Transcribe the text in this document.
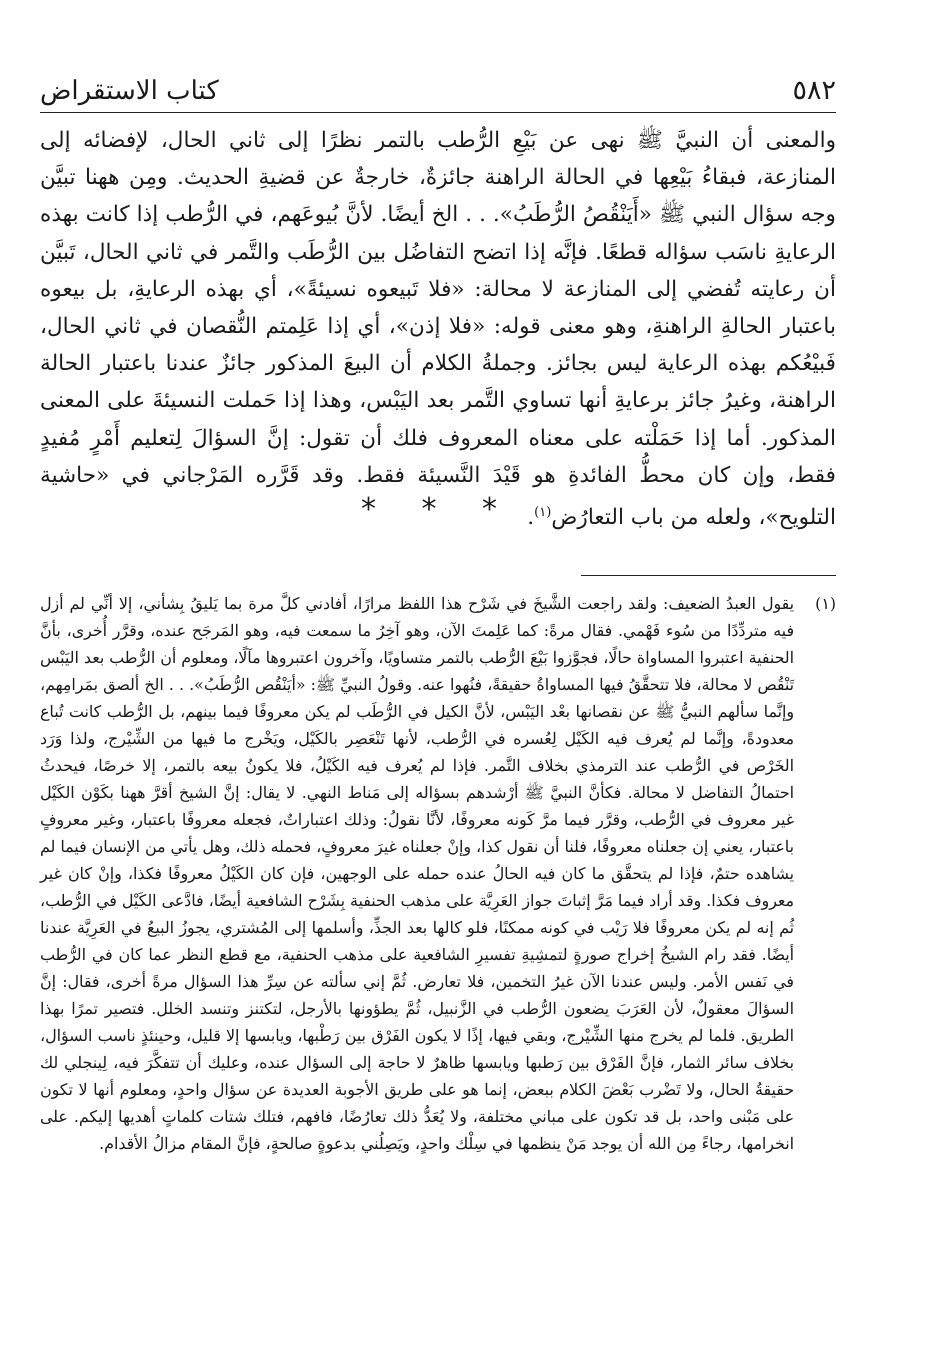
٥٨٢
كتاب الاستقراض

والمعنى أن النبيَّ ﷺ نهى عن بَيْعِ الرُّطب بالتمر نظرًا إلى ثاني الحال، لإفضائه إلى المنازعة، فبقاءُ بَيْعِها في الحالة الراهنة جائزةٌ، خارجةٌ عن قضيةِ الحديث. ومِن ههنا تبيَّن وجه سؤال النبي ﷺ «أَيَنْقُصُ الرُّطَبُ». . . الخ أيضًا. لأنَّ بُيوعَهم، في الرُّطب إذا كانت بهذه الرعايةِ ناسَب سؤاله قطعًا. فإنَّه إذا اتضح التفاضُل بين الرُّطَب والتَّمر في ثاني الحال، تَبيَّن أن رعايته تُفضي إلى المنازعة لا محالة: «فلا تَبيعوه نسيئةً»، أي بهذه الرعايةِ، بل بيعوه باعتبار الحالةِ الراهنةِ، وهو معنى قوله: «فلا إذن»، أي إذا عَلِمتم النُّقصان في ثاني الحال، فَبيْعُكم بهذه الرعاية ليس بجائز. وجملةُ الكلام أن البيعَ المذكور جائزٌ عندنا باعتبار الحالة الراهنة، وغيرُ جائز برعايةِ أنها تساوي التَّمر بعد اليَبْس، وهذا إذا حَملت النسيئةَ على المعنى المذكور. أما إذا حَمَلْته على معناه المعروف فلك أن تقول: إنَّ السؤالَ لِتعليم أَمْرٍ مُفيدٍ فقط، وإن كان محطُّ الفائدةِ هو قَيْدَ النَّسيئة فقط. وقد قَرَّره المَرْجاني في «حاشية التلويح»، ولعله من باب التعارُض$^{(١)}$.

* * *
(١)
يقول العبدُ الضعيف: ولقد راجعت الشَّيخَ في شَرْح هذا اللفظ مرارًا، أفادني كلَّ مرة بما يَليقُ بِشأني، إلا أنِّي لم أزل فيه متردِّدًا من سُوء فَهْمي. فقال مرةً: كما عَلِمتَ الآن، وهو آخِرُ ما سمعت فيه، وهو المَرجَح عنده، وقرَّر أُخرى، بأنَّ الحنفية اعتبروا المساواة حالًا، فجوَّزوا بَيْعَ الرُّطب بالتمر متساويًا، وآخرون اعتبروها مآلًا، ومعلوم أن الرُّطب بعد اليَبْس تَنْقُص لا محالة، فلا تتحقَّقُ فيها المساواةُ حقيقةً، فنُهوا عنه. وقولُ النبيِّ ﷺ: «أيَنْقُص الرُّطَبُ». . . الخ ألصق بمَرامِهم، وإنَّما سألهم النبيُّ ﷺ عن نقصانها بعْد اليَبْس، لأنَّ الكيل في الرُّطَب لم يكن معروفًا فيما بينهم، بل الرُّطب كانت تُباع معدودةً، وإنَّما لم يُعرف فيه الكَيْل لِعُسره في الرُّطب، لأنها تَنْعَصِر بالكَيْل، ويَخْرج ما فيها من الشِّيْرج، ولذا وَرَد الخَرْص في الرُّطب عند الترمذي بخلاف التَّمر. فإذا لم يُعرف فيه الكَيْلُ، فلا يكونُ بيعه بالتمر، إلا خرصًا، فيحدثُ احتمالُ التفاضل لا محالة. فكأنَّ النبيَّ ﷺ أرْشدهم بسؤاله إلى مَناط النهي. لا يقال: إنَّ الشيخ أقرَّ ههنا بكَوْن الكَيْل غير معروف في الرُّطب، وقرَّر فيما مرَّ كَونه معروفًا، لأنَّا نقولُ: وذلك اعتباراتٌ، فجعله معروفًا باعتبار، وغير معروفٍ باعتبار، يعني إن جعلناه معروفًا، فلنا أن نقول كذا، وإنْ جعلناه غيرَ معروفٍ، فحمله ذلك، وهل يأتي من الإنسان فيما لم يشاهده حتمٌ، فإذا لم يتحقَّق ما كان فيه الحالُ عنده حمله على الوجهين، فإن كان الكَيْلُ معروفًا فكذا، وإنْ كان غير معروف فكذا. وقد أراد فيما مَرَّ إثباتَ جواز العَرِيَّة على مذهب الحنفية بِشَرْح الشافعية أيضًا، فادَّعى الكَيْل في الرُّطب، ثُم إنه لم يكن معروفًا فلا رَيْب في كونه ممكنًا، فلو كالها بعد الجذِّ، وأسلمها إلى المُشتري، يجوزُ البيعُ في العَرِيَّة عندنا أيضًا. فقد رام الشيخُ إخراج صورةٍ لتمشِيةِ تفسيرِ الشافعية على مذهب الحنفية، مع قطع النظر عما كان في الرُّطب في نَفس الأمر. وليس عندنا الآن غيرُ التخمين، فلا تعارض. ثُمَّ إني سألته عن سِرِّ هذا السؤال مرةً أخرى، فقال: إنَّ السؤالَ معقولٌ، لأن العَرَبَ يضعون الرُّطب في الزَّنبيل، ثُمَّ يطؤونها بالأرجل، لتكتنز وتنسد الخلل. فتصير تمرًا بهذا الطريق. فلما لم يخرج منها الشِّيْرج، وبقي فيها، إذًا لا يكون الفَرْق بين رَطْبها، ويابسها إلا قليل، وحينئذٍ ناسب السؤال، بخلاف سائر الثمار، فإنَّ الفَرْق بين رَطبها ويابسها ظاهرٌ لا حاجة إلى السؤال عنده، وعليك أن تتفكَّرَ فيه، لِينجلي لك حقيقةُ الحال، ولا تَضْرب بَعْضَ الكلام ببعض، إنما هو على طريق الأجوبة العديدة عن سؤال واحدٍ، ومعلوم أنها لا تكون على مَبْنى واحد، بل قد تكون على مباني مختلفة، ولا يُعَدُّ ذلك تعارُضًا، فافهم، فتلك شتات كلماتٍ أهديها إليكم. على انخرامها، رجاءً مِن الله أن يوجد مَنْ ينظمها في سِلْك واحدٍ، ويَصِلُني بدعوةٍ صالحةٍ، فإنَّ المقام مزالُ الأقدام.
